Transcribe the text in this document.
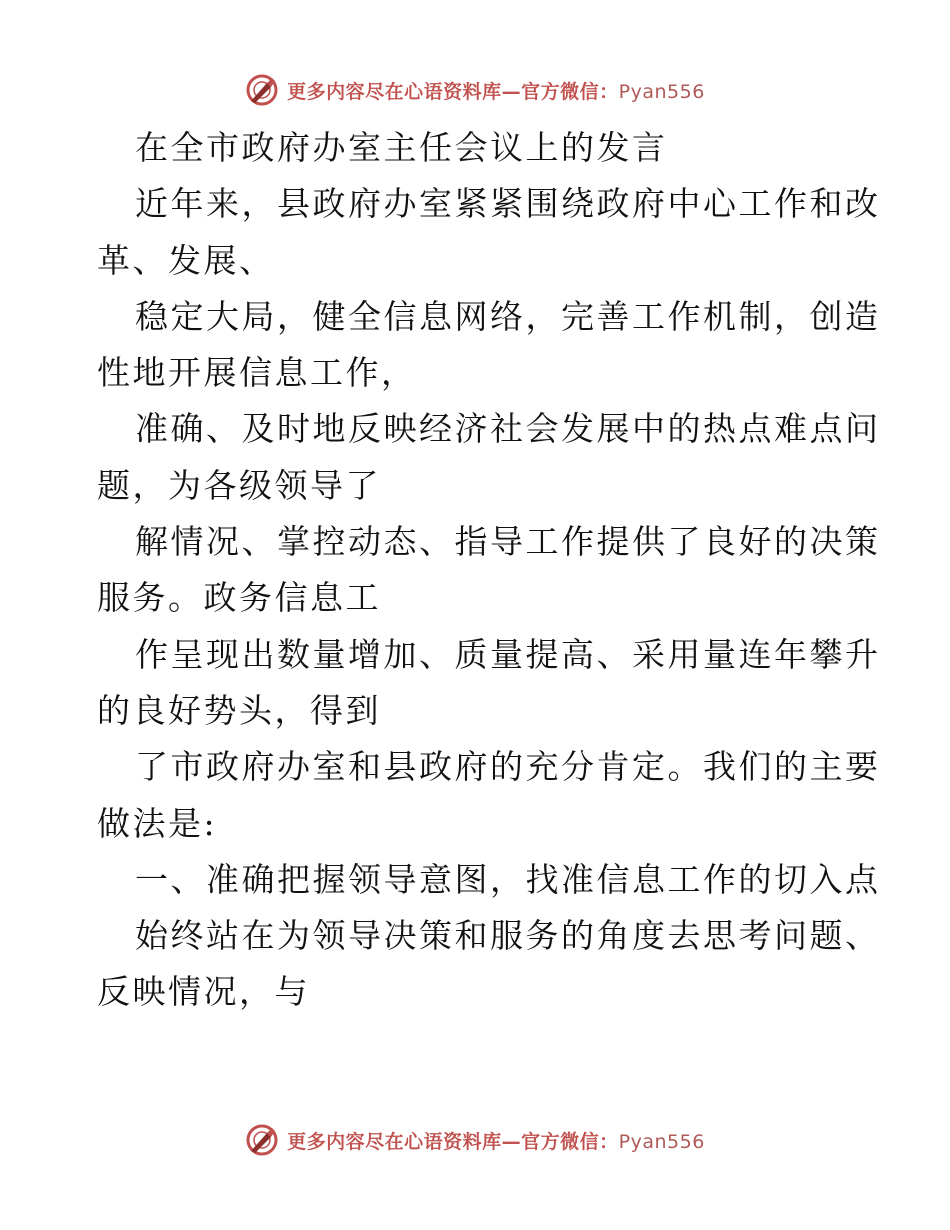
更多内容尽在心语资料库—官方微信：Pyan556
在全市政府办室主任会议上的发言
近年来，县政府办室紧紧围绕政府中心工作和改
革、发展、
稳定大局，健全信息网络，完善工作机制，创造
性地开展信息工作，
准确、及时地反映经济社会发展中的热点难点问
题，为各级领导了
解情况、掌控动态、指导工作提供了良好的决策
服务。政务信息工
作呈现出数量增加、质量提高、采用量连年攀升
的良好势头，得到
了市政府办室和县政府的充分肯定。我们的主要
做法是:
一、准确把握领导意图，找准信息工作的切入点
始终站在为领导决策和服务的角度去思考问题、
反映情况，与
更多内容尽在心语资料库—官方微信：Pyan556
